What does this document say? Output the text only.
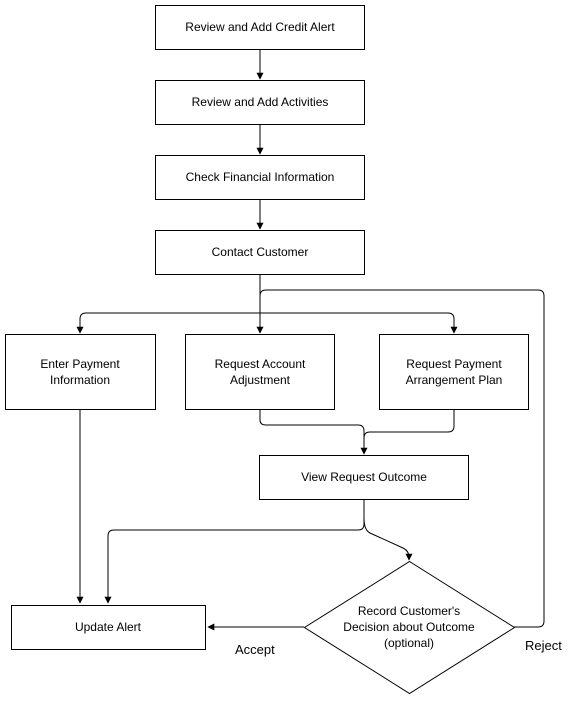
Review and Add Credit Alert
Review and Add Activities
Check Financial Information
Contact Customer
Enter Payment
Information
Request Account
Adjustment
Request Payment
Arrangement Plan
View Request Outcome
Update Alert
Record Customer's
Decision about Outcome
(optional)
Accept	Reject
